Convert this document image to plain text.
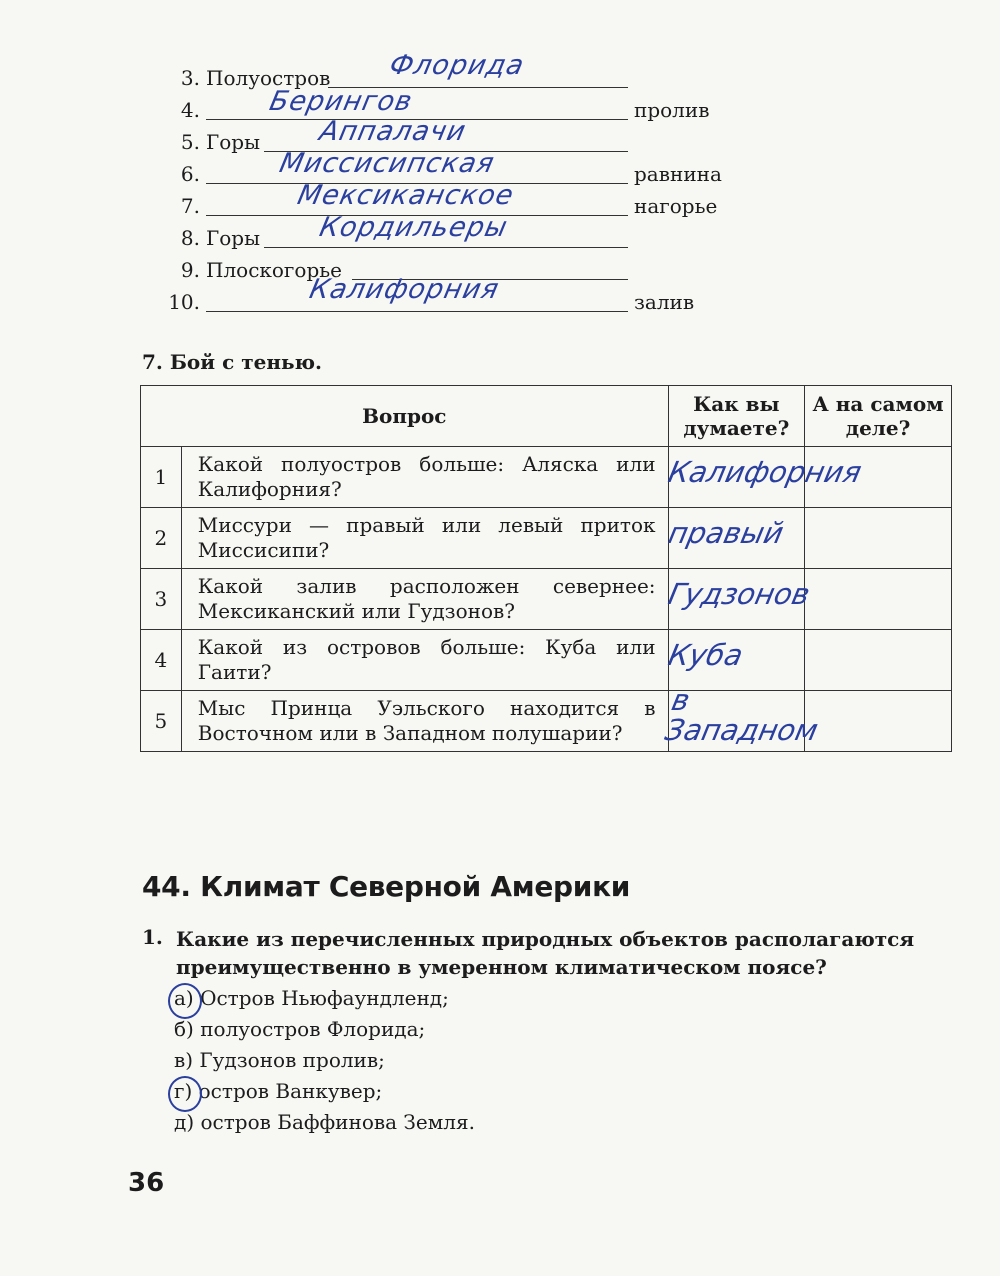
3. Полуостров Флорида
4. Берингов	пролив
5. Горы Аппалачи
6.	Миссисипская	равнина
7.	Мексиканское	нагорье
8. Горы Кордильеры
9. Плоскогорье
10.	Калифорния	залив
7. Бой с тенью.
Вопрос		Как вы думаете?	А на самом деле?
1	Какой полуостров больше: Аляска или Калифорния?	Калифорния	

2	Миссури — правый или левый приток Миссисипи?	правый	

3	Какой залив расположен севернее: Мексиканский или Гудзонов?	Гудзонов	

4	Какой из островов больше: Куба или Гаити?	Куба	

5	Мыс Принца Уэльского находится в Восточном или в Западном полушарии?	в Западном	

44. Климат Северной Америки
1. Какие из перечисленных природных объектов располагаются преимущественно в умеренном климатическом поясе?
а) Остров Ньюфаундленд;
б) полуостров Флорида;
в) Гудзонов пролив;
г) остров Ванкувер;
д) остров Баффинова Земля.
36
